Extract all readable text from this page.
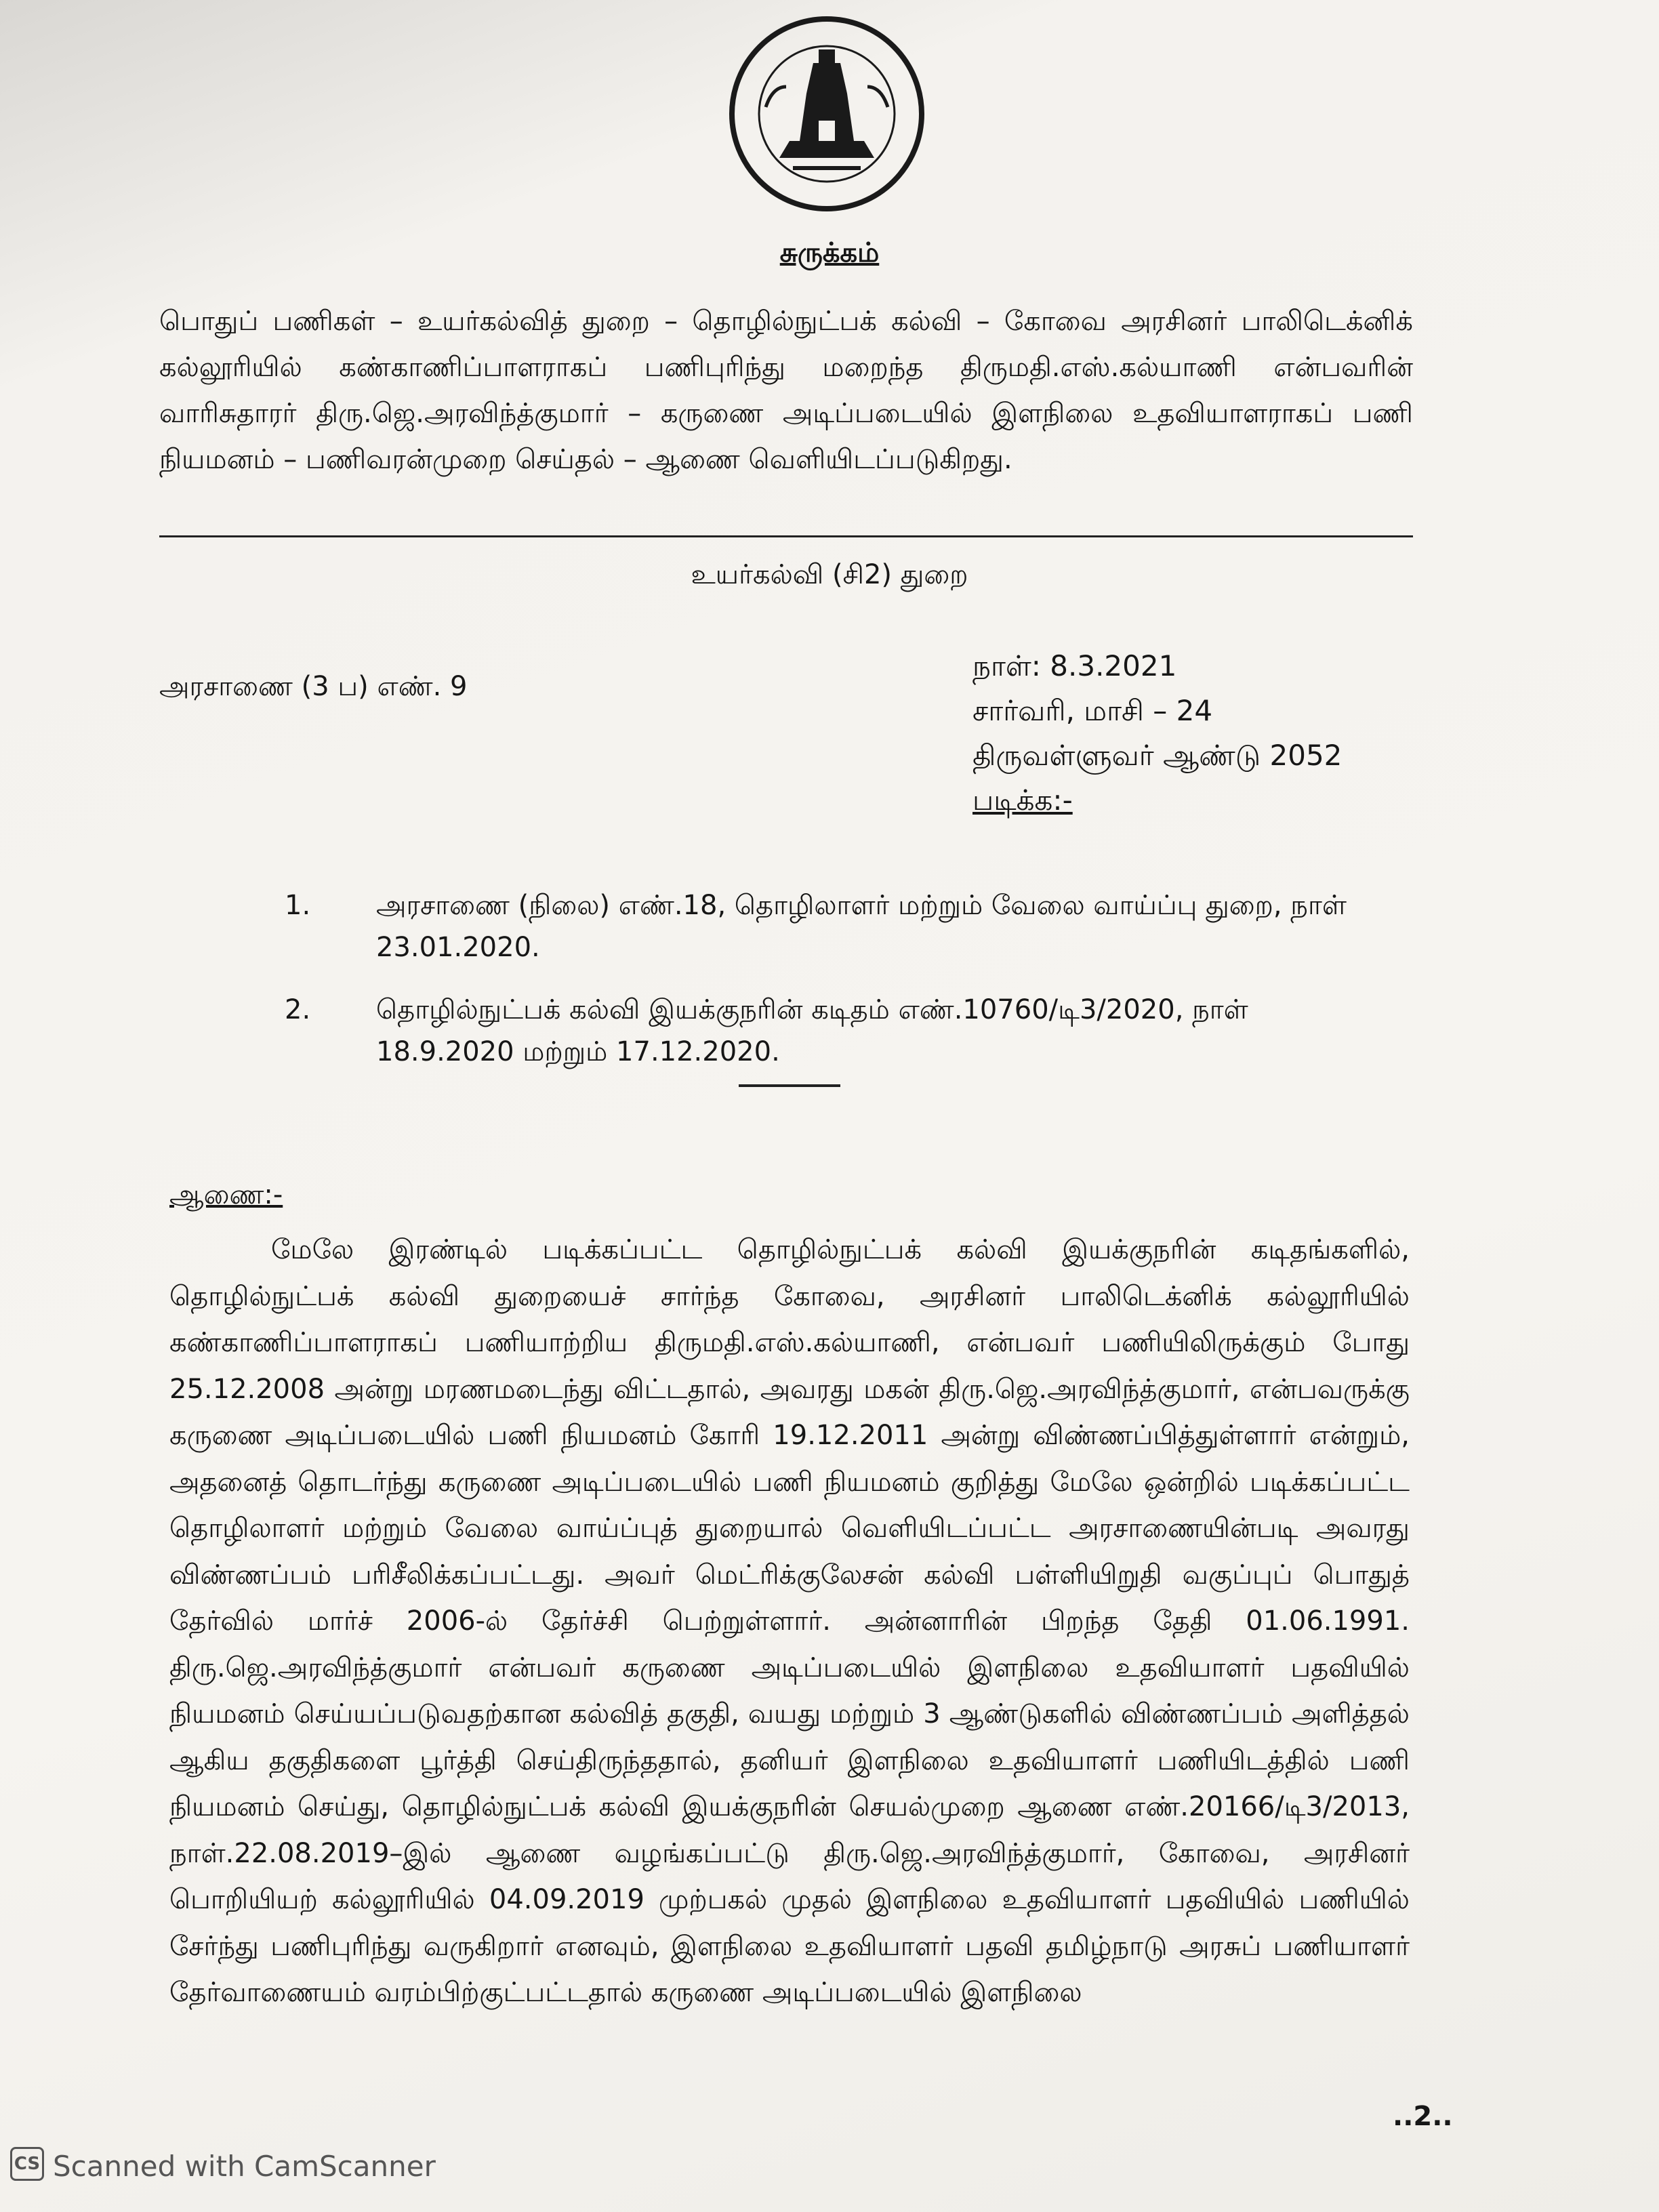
சுருக்கம்
பொதுப் பணிகள் – உயர்கல்வித் துறை – தொழில்நுட்பக் கல்வி – கோவை அரசினர் பாலிடெக்னிக் கல்லூரியில் கண்காணிப்பாளராகப் பணிபுரிந்து மறைந்த திருமதி.எஸ்.கல்யாணி என்பவரின் வாரிசுதாரர் திரு.ஜெ.அரவிந்த்குமார் – கருணை அடிப்படையில் இளநிலை உதவியாளராகப் பணி நியமனம் – பணிவரன்முறை செய்தல் – ஆணை வெளியிடப்படுகிறது.
உயர்கல்வி (சி2) துறை
அரசாணை (3 ப) எண். 9
நாள்: 8.3.2021
சார்வரி, மாசி – 24
திருவள்ளுவர் ஆண்டு 2052
படிக்க:-
1. அரசாணை (நிலை) எண்.18, தொழிலாளர் மற்றும் வேலை வாய்ப்பு துறை, நாள் 23.01.2020.
2. தொழில்நுட்பக் கல்வி இயக்குநரின் கடிதம் எண்.10760/டி3/2020, நாள் 18.9.2020 மற்றும் 17.12.2020.
ஆணை:-
மேலே இரண்டில் படிக்கப்பட்ட தொழில்நுட்பக் கல்வி இயக்குநரின் கடிதங்களில், தொழில்நுட்பக் கல்வி துறையைச் சார்ந்த கோவை, அரசினர் பாலிடெக்னிக் கல்லூரியில் கண்காணிப்பாளராகப் பணியாற்றிய திருமதி.எஸ்.கல்யாணி, என்பவர் பணியிலிருக்கும் போது 25.12.2008 அன்று மரணமடைந்து விட்டதால், அவரது மகன் திரு.ஜெ.அரவிந்த்குமார், என்பவருக்கு கருணை அடிப்படையில் பணி நியமனம் கோரி 19.12.2011 அன்று விண்ணப்பித்துள்ளார் என்றும், அதனைத் தொடர்ந்து கருணை அடிப்படையில் பணி நியமனம் குறித்து மேலே ஒன்றில் படிக்கப்பட்ட தொழிலாளர் மற்றும் வேலை வாய்ப்புத் துறையால் வெளியிடப்பட்ட அரசாணையின்படி அவரது விண்ணப்பம் பரிசீலிக்கப்பட்டது. அவர் மெட்ரிக்குலேசன் கல்வி பள்ளியிறுதி வகுப்புப் பொதுத் தேர்வில் மார்ச் 2006-ல் தேர்ச்சி பெற்றுள்ளார். அன்னாரின் பிறந்த தேதி 01.06.1991. திரு.ஜெ.அரவிந்த்குமார் என்பவர் கருணை அடிப்படையில் இளநிலை உதவியாளர் பதவியில் நியமனம் செய்யப்படுவதற்கான கல்வித் தகுதி, வயது மற்றும் 3 ஆண்டுகளில் விண்ணப்பம் அளித்தல் ஆகிய தகுதிகளை பூர்த்தி செய்திருந்ததால், தனியர் இளநிலை உதவியாளர் பணியிடத்தில் பணி நியமனம் செய்து, தொழில்நுட்பக் கல்வி இயக்குநரின் செயல்முறை ஆணை எண்.20166/டி3/2013, நாள்.22.08.2019–இல் ஆணை வழங்கப்பட்டு திரு.ஜெ.அரவிந்த்குமார், கோவை, அரசினர் பொறியியற் கல்லூரியில் 04.09.2019 முற்பகல் முதல் இளநிலை உதவியாளர் பதவியில் பணியில் சேர்ந்து பணிபுரிந்து வருகிறார் எனவும், இளநிலை உதவியாளர் பதவி தமிழ்நாடு அரசுப் பணியாளர் தேர்வாணையம் வரம்பிற்குட்பட்டதால் கருணை அடிப்படையில் இளநிலை
..2..
CS Scanned with CamScanner
